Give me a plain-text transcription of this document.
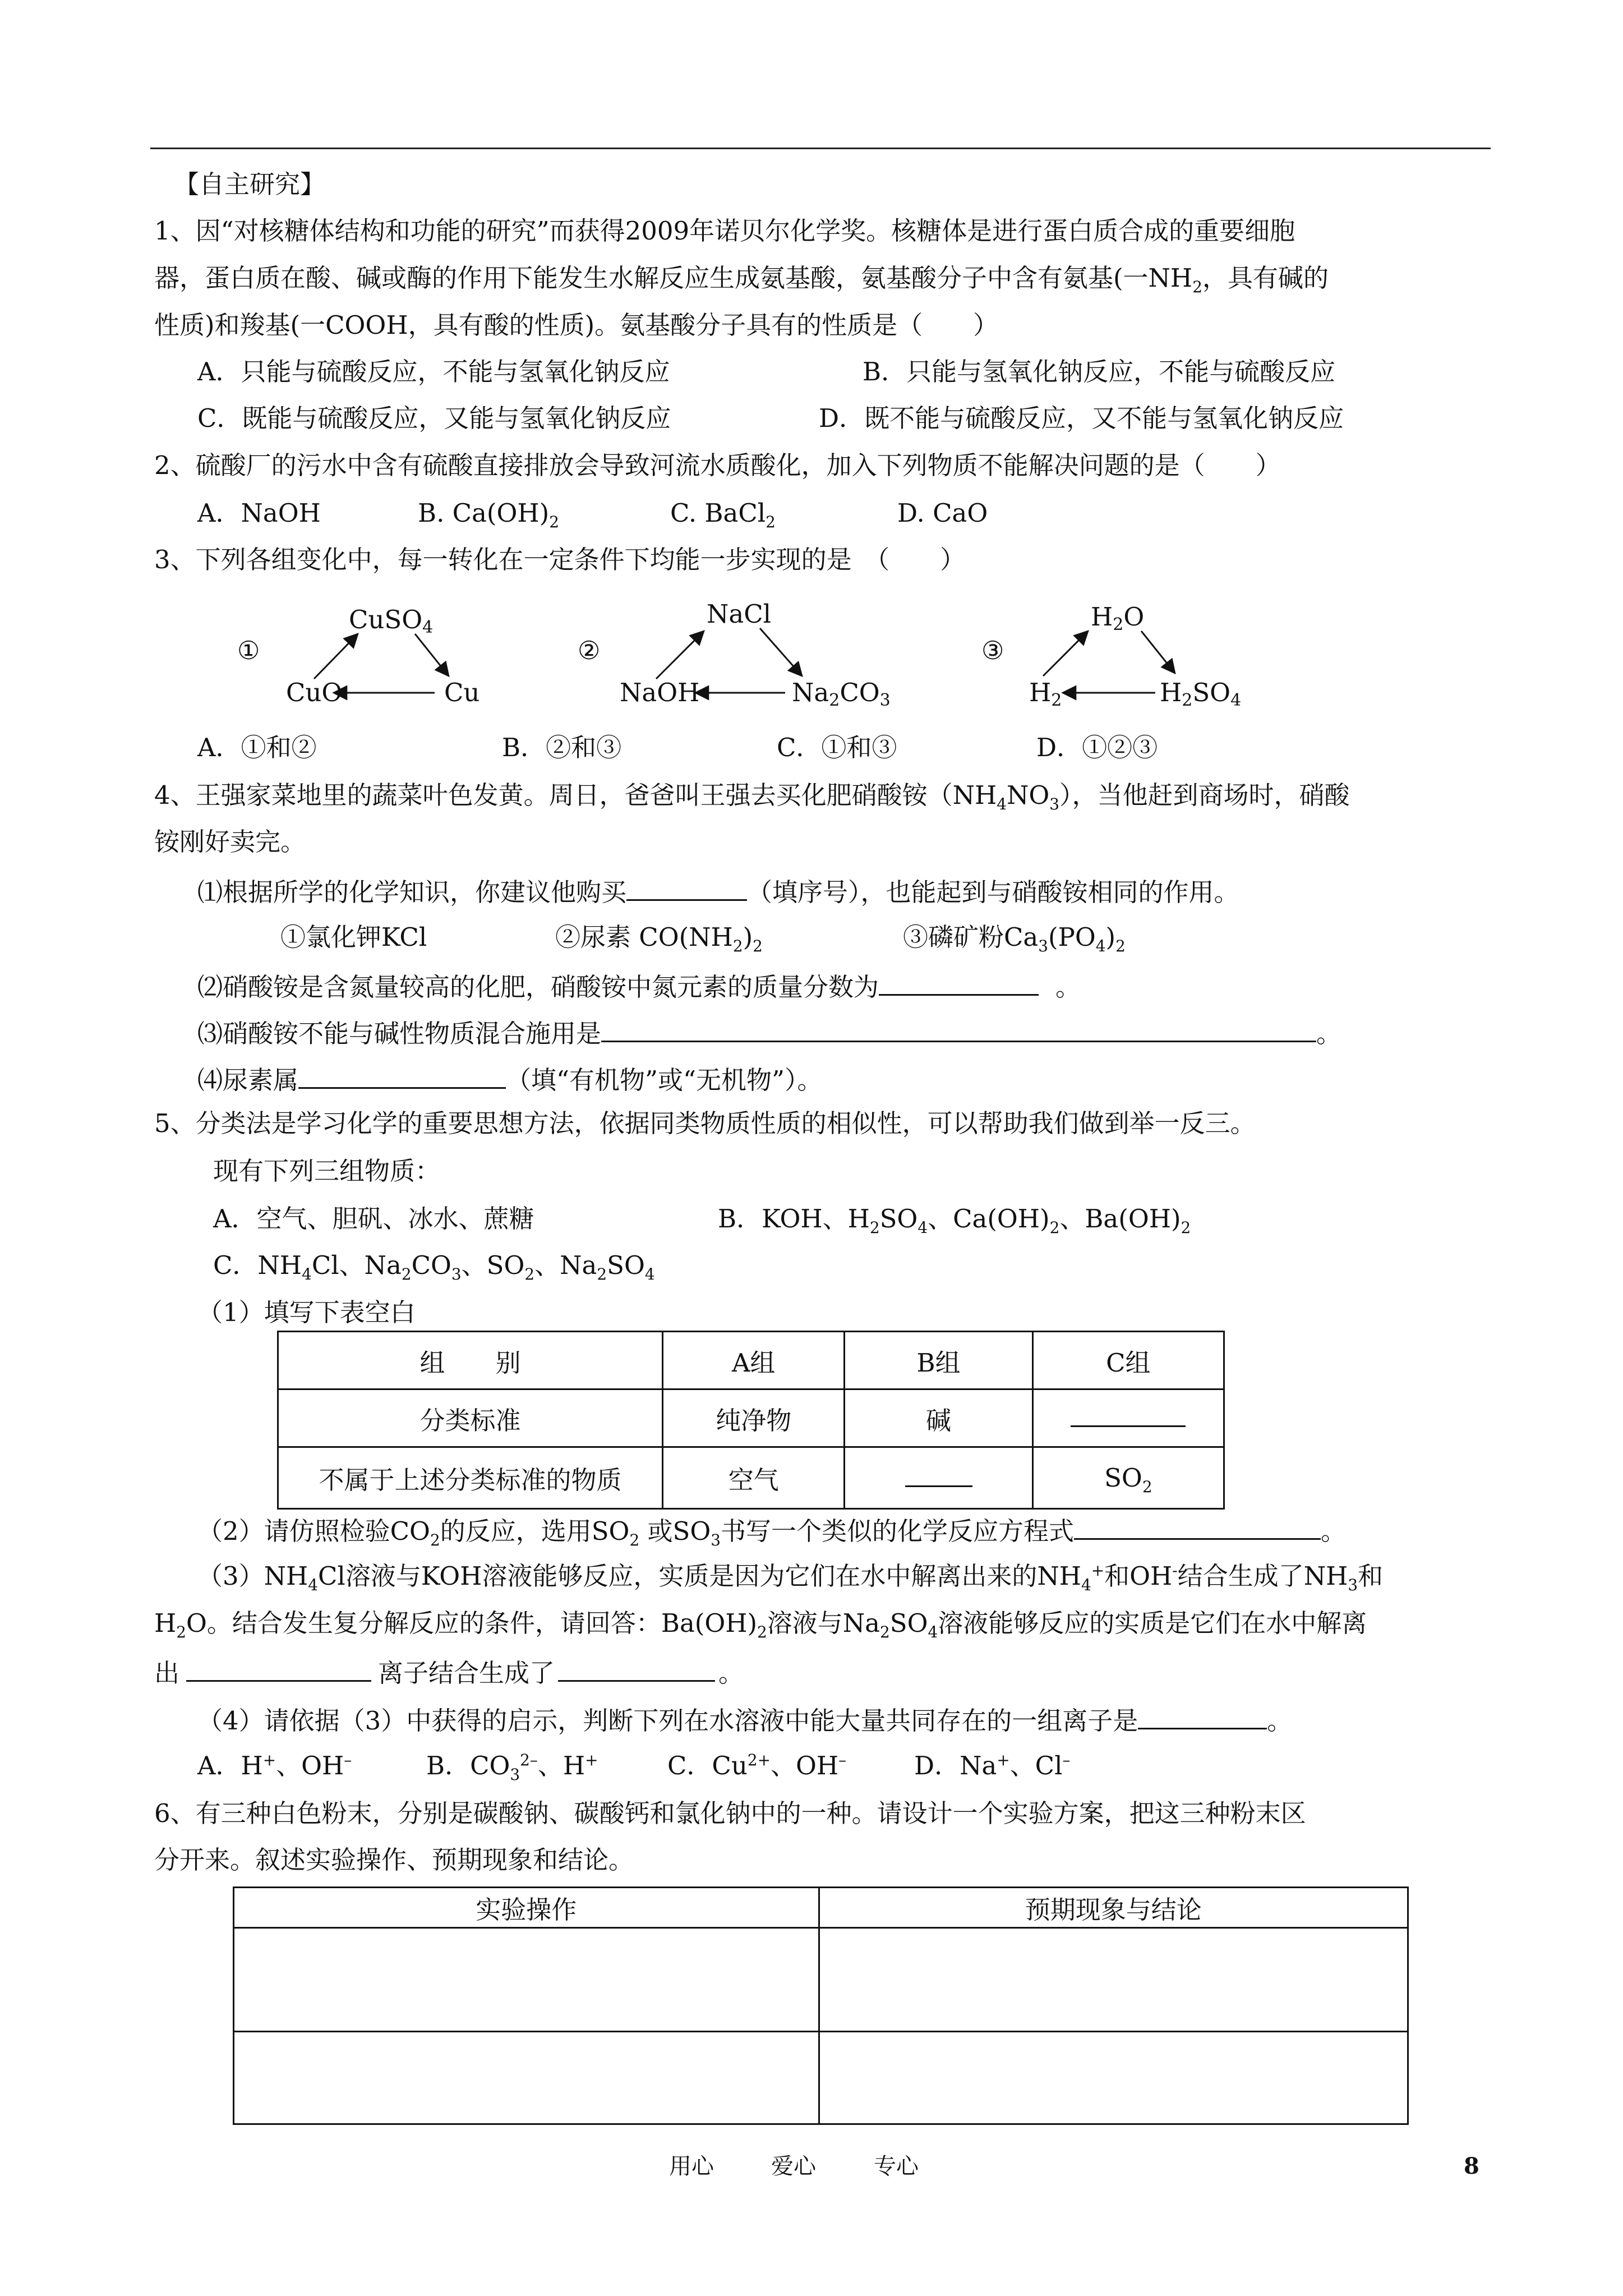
【自主研究】
1、因“对核糖体结构和功能的研究”而获得2009年诺贝尔化学奖。核糖体是进行蛋白质合成的重要细胞
器，蛋白质在酸、碱或酶的作用下能发生水解反应生成氨基酸，氨基酸分子中含有氨基(一$NH_2$，具有碱的
性质)和羧基(一COOH，具有酸的性质)。氨基酸分子具有的性质是（　　）
A．只能与硫酸反应，不能与氢氧化钠反应	B．只能与氢氧化钠反应，不能与硫酸反应
C．既能与硫酸反应，又能与氢氧化钠反应	D．既不能与硫酸反应，又不能与氢氧化钠反应
2、硫酸厂的污水中含有硫酸直接排放会导致河流水质酸化，加入下列物质不能解决问题的是（　　）
A．NaOH	B. $Ca(OH)_2$	C. BaCl$_2$	D. CaO
3、下列各组变化中，每一转化在一定条件下均能一步实现的是　（　　）
①
CuSO4
CuO	Cu
②
NaCl
NaOH	Na2CO3
③
H2O
H2	H2SO4
A．①和②	B．②和③	C．①和③	D．①②③
4、王强家菜地里的蔬菜叶色发黄。周日，爸爸叫王强去买化肥硝酸铵$(NH_4NO_3)$，当他赶到商场时，硝酸
铵刚好卖完。
⑴根据所学的化学知识，你建议他购买	（填序号），也能起到与硝酸铵相同的作用。
①氯化钾KCl	②尿素 $CO(NH_2)_2$	③磷矿粉$Ca_3(PO_4)_2$
⑵硝酸铵是含氮量较高的化肥，硝酸铵中氮元素的质量分数为	。
⑶硝酸铵不能与碱性物质混合施用是	。
⑷尿素属	（填“有机物”或“无机物”）。
5、分类法是学习化学的重要思想方法，依据同类物质性质的相似性，可以帮助我们做到举一反三。
现有下列三组物质：
A．空气、胆矾、冰水、蔗糖	B．KOH、$H_2SO_4$、$Ca(OH)_2$、$Ba(OH)_2$
C．$NH_4Cl$、$Na_2CO_3$、$SO_2$、$Na_2SO_4$
（1）填写下表空白
组　　别	A组	B组	C组
分类标准	纯净物	碱	
不属于上述分类标准的物质	空气		$SO_2$
（2）请仿照检验$CO_2$的反应，选用$SO_2$ 或$SO_3$书写一个类似的化学反应方程式	。
$(3)NH_4Cl$溶液与KOH溶液能够反应，实质是因为它们在水中解离出来的$NH_4^+$和OH-结合生成了$NH_3$和
$H_2O$。结合发生复分解反应的条件，请回答：$Ba(OH)_2$溶液与$Na_2SO_4$溶液能够反应的实质是它们在水中解离
出	离子结合生成了	。
（4）请依据（3）中获得的启示，判断下列在水溶液中能大量共同存在的一组离子是	。
A．H+、OH–	B．$CO_3^{2-}$、H+	C．$Cu^{2+}$、OH–	D．Na+、Cl–
6、有三种白色粉末，分别是碳酸钠、碳酸钙和氯化钠中的一种。请设计一个实验方案，把这三种粉末区
分开来。叙述实验操作、预期现象和结论。
实验操作	预期现象与结论

用心	爱心	专心	8
